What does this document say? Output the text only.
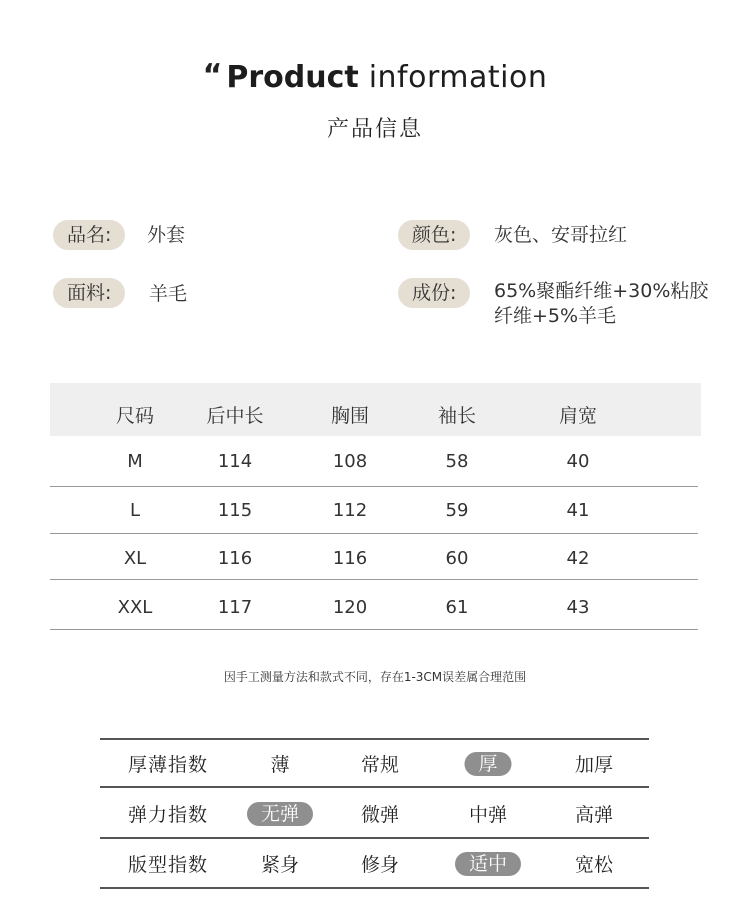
“ Product information
产品信息
品名:	外套	颜色:	灰色、安哥拉红
面料:	羊毛	成份:	65%聚酯纤维+30%粘胶
纤维+5%羊毛
尺码	后中长	胸围	袖长	肩宽
M	114	108	58	40
L	115	112	59	41
XL	116	116	60	42
XXL	117	120	61	43
因手工测量方法和款式不同，存在1-3CM误差属合理范围
厚薄指数	薄	常规	厚	加厚
弹力指数	无弹	微弹	中弹	高弹
版型指数	紧身	修身	适中	宽松
